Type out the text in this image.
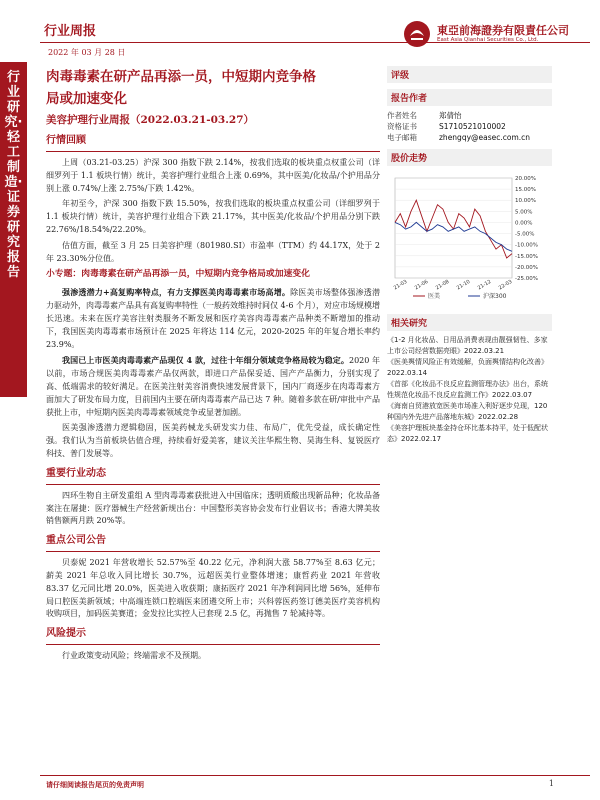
行业周报
2022 年 03 月 28 日
東亞前海證券有限責任公司
East Asia Qianhai Securities Co., Ltd.
行业研究·轻工制造·证券研究报告
肉毒毒素在研产品再添一员，中短期内竞争格
局或加速变化
美容护理行业周报（2022.03.21-03.27）
行情回顾

上周（03.21-03.25）沪深 300 指数下跌 2.14%，按我们选取的板块重点权重公司（详细罗列于 1.1 板块行情）统计，美容护理行业组合上涨 0.69%，其中医美/化妆品/个护用品分别上涨 0.74%/上涨 2.75%/下跌 1.42%。

年初至今，沪深 300 指数下跌 15.50%，按我们选取的板块重点权重公司（详细罗列于 1.1 板块行情）统计，美容护理行业组合下跌 21.17%，其中医美/化妆品/个护用品分别下跌 22.76%/18.54%/22.20%。

估值方面，截至 3 月 25 日美容护理（801980.SI）市盈率（TTM）约 44.17X，处于 2 年 23.30%分位值。

小专题：肉毒毒素在研产品再添一员，中短期内竞争格局或加速变化

强渗透潜力+高复购率特点，有力支撑医美肉毒毒素市场高增。除医美市场整体强渗透潜力驱动外，肉毒毒素产品具有高复购率特性（一般药效维持时间仅 4-6 个月），对应市场规模增长迅速。未来在医疗美容注射类服务不断发展和医疗美容肉毒毒素产品种类不断增加的推动下，我国医美肉毒毒素市场预计在 2025 年将达 114 亿元，2020-2025 年的年复合增长率约 23.9%。

我国已上市医美肉毒毒素产品现仅 4 款，过往十年细分领域竞争格局较为稳定。2020 年以前，市场合规医美肉毒毒素产品仅两款，即进口产品保妥适、国产产品衡力，分别实现了高、低端需求的较好满足。在医美注射美容消费快速发展背景下，国内厂商逐步在肉毒毒素方面加大了研发布局力度，目前国内主要在研肉毒毒素产品已达 7 种。随着多款在研/审批中产品获批上市，中短期内医美肉毒毒素领域竞争或显著加剧。

医美强渗透潜力逻辑稳固，医美药械龙头研发实力佳、布局广，优先受益，成长确定性强。我们认为当前板块估值合理，持续看好爱美客，建议关注华熙生物、昊海生科、复锐医疗科技、普门发展等。

重要行业动态

四环生物自主研发重组 A 型肉毒毒素获批进入中国临床；透明质酸出现新品种；化妆品备案注在屠捷：医疗器械生产经营新规出台：中国整形美容协会发布行业倡议书；香港大牌美妆销售额两月跌 20%等。

重点公司公告

贝泰妮 2021 年营收增长 52.57%至 40.22 亿元，净利润大涨 58.77%至 8.63 亿元；薪美 2021 年总收入同比增长 30.7%，远超医美行业整体增速；康哲药业 2021 年营收 83.37 亿元同比增 20.0%，医美进入收获期；康拓医疗 2021 年净利润同比增 56%，延伸布局口腔医美新领域；中高端连锁口腔端医来团遴交所上市；兴科蓉医药签订德美医疗美容机构收购项目，加码医美赛道；金发拉比实控人已套现 2.5 亿，再抛售 7 轮减持等。

风险提示

行业政策变动风险；终端需求不及预期。

评级
报告作者
作者姓名	郑倩怡
资格证书	S1710521010002
电子邮箱	zhengqy@easec.com.cn
股价走势
20.00%
15.00%
10.00%
5.00%
0.00%
-5.00%
-10.00%
-15.00%
-20.00%
-25.00%
21-03 21-06 21-08 21-10 21-12 22-03
医美	沪深300
相关研究
《1-2 月化妆品、日用品消费表现由靓强韧性、多家上市公司经营数据亮眼》2022.03.21
《医美舆情风险正有效缓解，负面舆情结构化改善》2022.03.14
《首部《化妆品不良反应监测管理办法》出台，系统性规范化妆品不良反应监测工作》2022.03.07
《海南自贸港放宽医美市场准入利好逐步兑现，120 种国内外先进产品落地东城》2022.02.28
《美容护理板块基金持仓环比基本持平，处于低配状态》2022.02.17
请仔细阅读报告尾页的免责声明	1
